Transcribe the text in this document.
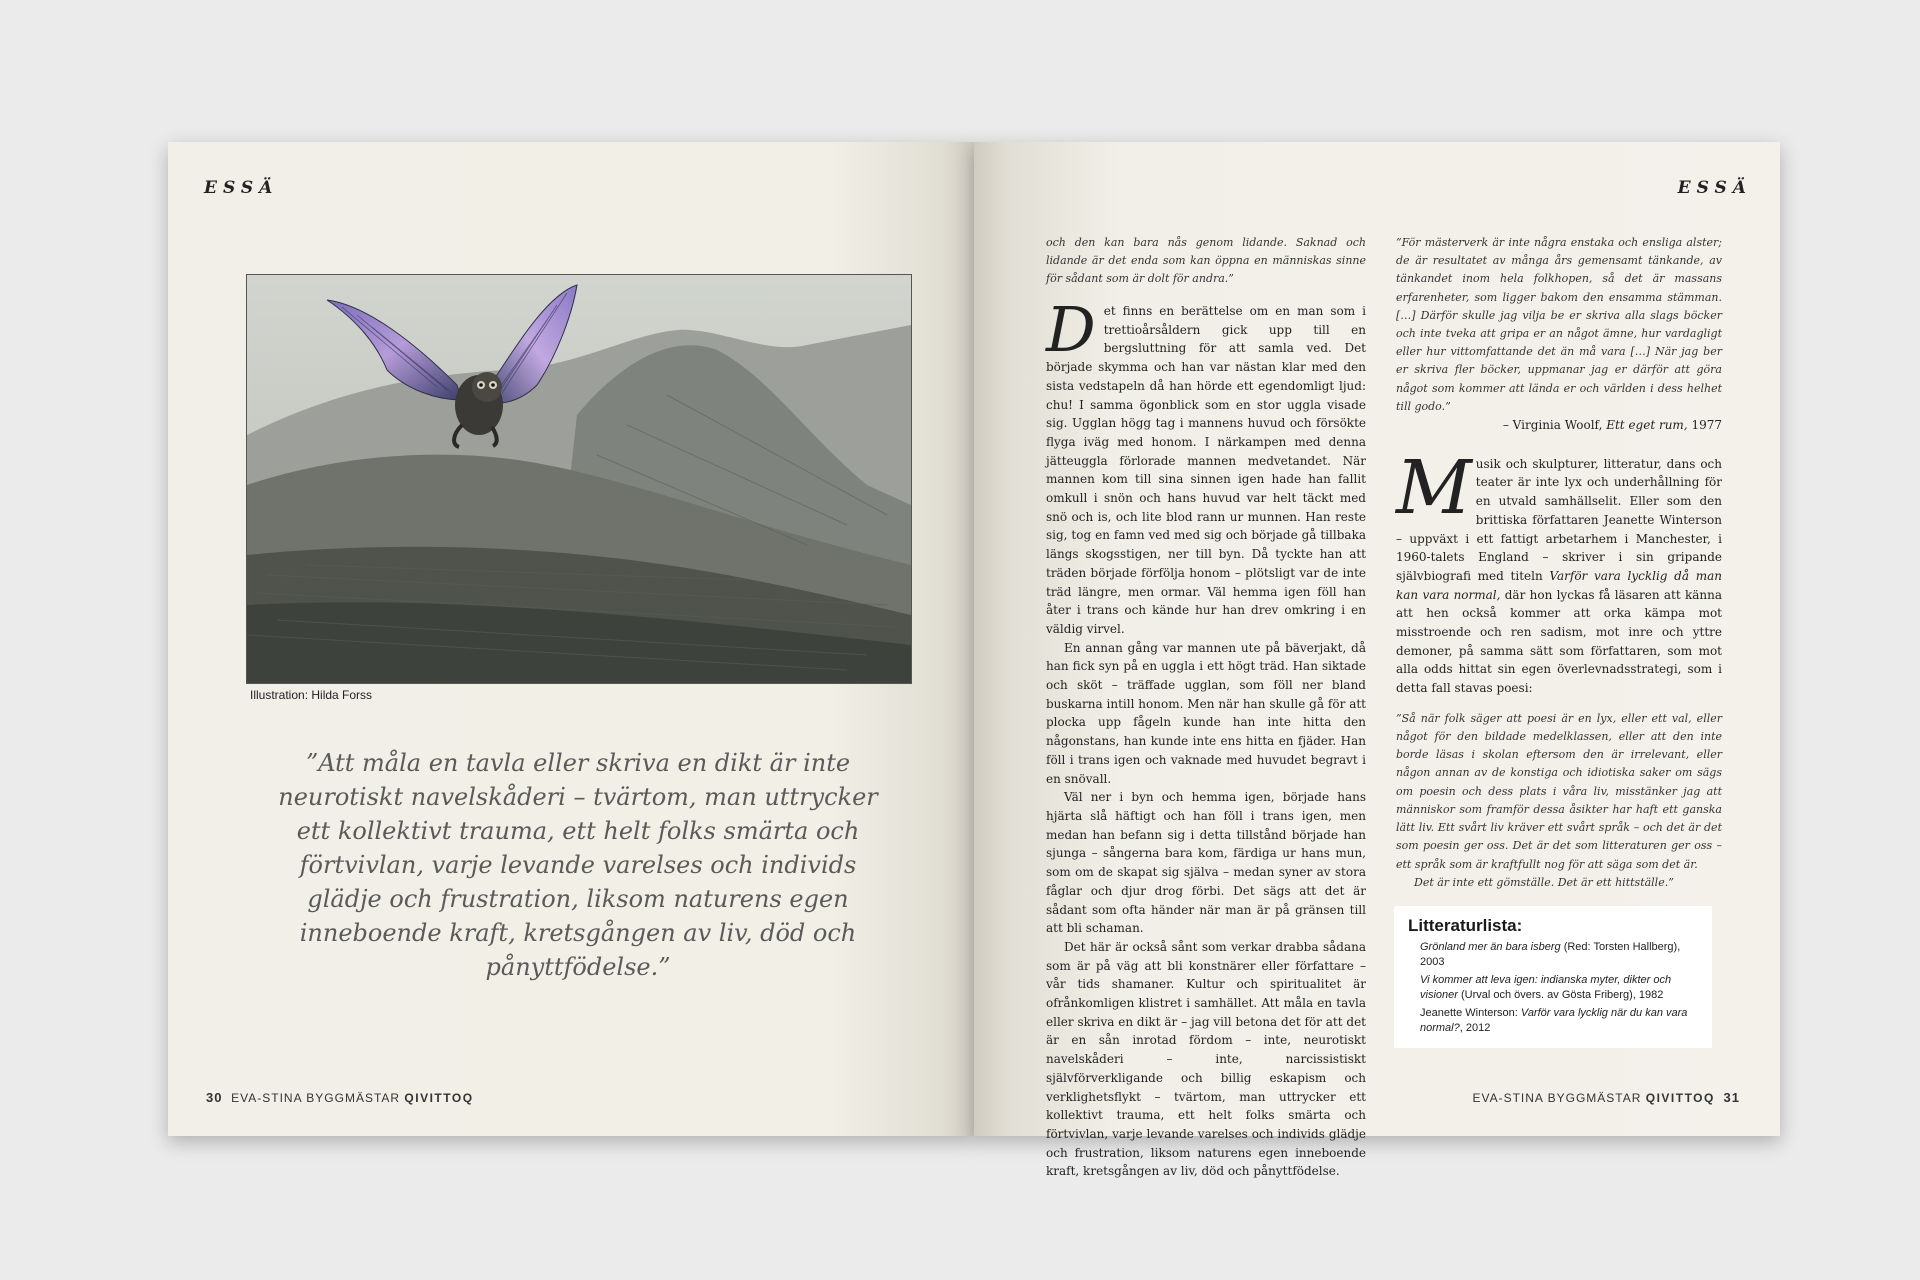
ESSÄ
Illustration: Hilda Forss
”Att måla en tavla eller skriva en dikt är inte neurotiskt navelskåderi – tvärtom, man uttrycker ett kollektivt trauma, ett helt folks smärta och förtvivlan, varje levande varelses och individs glädje och frustration, liksom naturens egen inneboende kraft, kretsgången av liv, död och pånyttfödelse.”
30 EVA-STINA BYGGMÄSTAR QIVITTOQ
ESSÄ

och den kan bara nås genom lidande. Saknad och lidande är det enda som kan öppna en människas sinne för sådant som är dolt för andra.”

Det finns en berättelse om en man som i trettioårsåldern gick upp till en bergsluttning för att samla ved. Det började skymma och han var nästan klar med den sista vedstapeln då han hörde ett egendomligt ljud: chu! I samma ögonblick som en stor uggla visade sig. Ugglan högg tag i mannens huvud och försökte flyga iväg med honom. I närkampen med denna jätteuggla förlorade mannen medvetandet. När mannen kom till sina sinnen igen hade han fallit omkull i snön och hans huvud var helt täckt med snö och is, och lite blod rann ur munnen. Han reste sig, tog en famn ved med sig och började gå tillbaka längs skogsstigen, ner till byn. Då tyckte han att träden började förfölja honom – plötsligt var de inte träd längre, men ormar. Väl hemma igen föll han åter i trans och kände hur han drev omkring i en väldig virvel.

En annan gång var mannen ute på bäverjakt, då han fick syn på en uggla i ett högt träd. Han siktade och sköt – träffade ugglan, som föll ner bland buskarna intill honom. Men när han skulle gå för att plocka upp fågeln kunde han inte hitta den någonstans, han kunde inte ens hitta en fjäder. Han föll i trans igen och vaknade med huvudet begravt i en snövall.

Väl ner i byn och hemma igen, började hans hjärta slå häftigt och han föll i trans igen, men medan han befann sig i detta tillstånd började han sjunga – sångerna bara kom, färdiga ur hans mun, som om de skapat sig själva – medan syner av stora fåglar och djur drog förbi. Det sägs att det är sådant som ofta händer när man är på gränsen till att bli schaman.

Det här är också sånt som verkar drabba sådana som är på väg att bli konstnärer eller författare – vår tids shamaner. Kultur och spiritualitet är ofrånkomligen klistret i samhället. Att måla en tavla eller skriva en dikt är – jag vill betona det för att det är en sån inrotad fördom – inte, neurotiskt navelskåderi – inte, narcissistiskt självförverkligande och billig eskapism och verklighetsflykt – tvärtom, man uttrycker ett kollektivt trauma, ett helt folks smärta och förtvivlan, varje levande varelses och individs glädje och frustration, liksom naturens egen inneboende kraft, kretsgången av liv, död och pånyttfödelse.

”För mästerverk är inte några enstaka och ensliga alster; de är resultatet av många års gemensamt tänkande, av tänkandet inom hela folkhopen, så det är massans erfarenheter, som ligger bakom den ensamma stämman. […] Därför skulle jag vilja be er skriva alla slags böcker och inte tveka att gripa er an något ämne, hur vardagligt eller hur vittomfattande det än må vara […] När jag ber er skriva fler böcker, uppmanar jag er därför att göra något som kommer att lända er och världen i dess helhet till godo.”

– Virginia Woolf, Ett eget rum, 1977

Musik och skulpturer, litteratur, dans och teater är inte lyx och underhållning för en utvald samhällselit. Eller som den brittiska författaren Jeanette Winterson – uppväxt i ett fattigt arbetarhem i Manchester, i 1960-talets England – skriver i sin gripande självbiografi med titeln Varför vara lycklig då man kan vara normal, där hon lyckas få läsaren att känna att hen också kommer att orka kämpa mot misstroende och ren sadism, mot inre och yttre demoner, på samma sätt som författaren, som mot alla odds hittat sin egen överlevnadsstrategi, som i detta fall stavas poesi:

”Så när folk säger att poesi är en lyx, eller ett val, eller något för den bildade medelklassen, eller att den inte borde läsas i skolan eftersom den är irrelevant, eller någon annan av de konstiga och idiotiska saker om sägs om poesin och dess plats i våra liv, misstänker jag att människor som framför dessa åsikter har haft ett ganska lätt liv. Ett svårt liv kräver ett svårt språk – och det är det som poesin ger oss. Det är det som litteraturen ger oss – ett språk som är kraftfullt nog för att säga som det är.

Det är inte ett gömställe. Det är ett hittställe.”

Litteraturlista:
Grönland mer än bara isberg (Red: Torsten Hallberg), 2003
Vi kommer att leva igen: indianska myter, dikter och visioner (Urval och övers. av Gösta Friberg), 1982
Jeanette Winterson: Varför vara lycklig när du kan vara normal?, 2012
EVA-STINA BYGGMÄSTAR QIVITTOQ 31
